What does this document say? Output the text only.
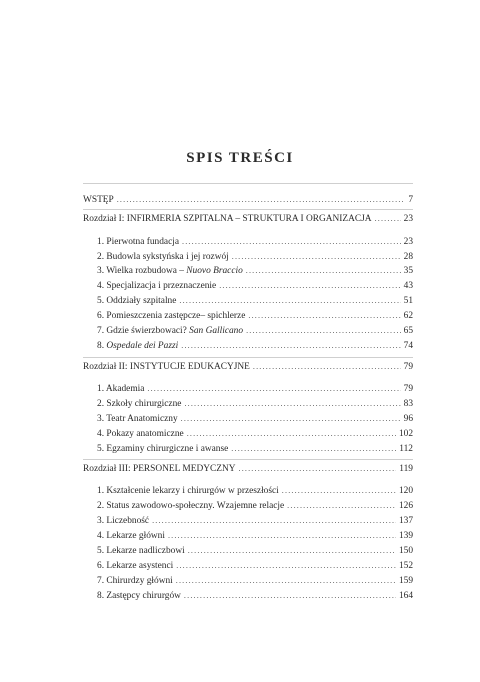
SPIS TREŚCI
WSTĘP .....	7
Rozdział I: INFIRMERIA SZPITALNA – STRUKTURA I ORGANIZACJA .....	23
1. Pierwotna fundacja .....	23
2. Budowla sykstyńska i jej rozwój .....	28
3. Wielka rozbudowa – Nuovo Braccio .....	35
4. Specjalizacja i przeznaczenie .....	43
5. Oddziały szpitalne .....	51
6. Pomieszczenia zastępcze– spichlerze .....	62
7. Gdzie świerzbowaci? San Gallicano .....	65
8. Ospedale dei Pazzi .....	74
Rozdział II: INSTYTUCJE EDUKACYJNE .....	79
1. Akademia .....	79
2. Szkoły chirurgiczne .....	83
3. Teatr Anatomiczny .....	96
4. Pokazy anatomiczne .....	102
5. Egzaminy chirurgiczne i awanse .....	112
Rozdział III: PERSONEL MEDYCZNY .....	119
1. Kształcenie lekarzy i chirurgów w przeszłości .....	120
2. Status zawodowo-społeczny. Wzajemne relacje .....	126
3. Liczebność .....	137
4. Lekarze główni .....	139
5. Lekarze nadliczbowi .....	150
6. Lekarze asystenci .....	152
7. Chirurdzy główni .....	159
8. Zastępcy chirurgów .....	164
